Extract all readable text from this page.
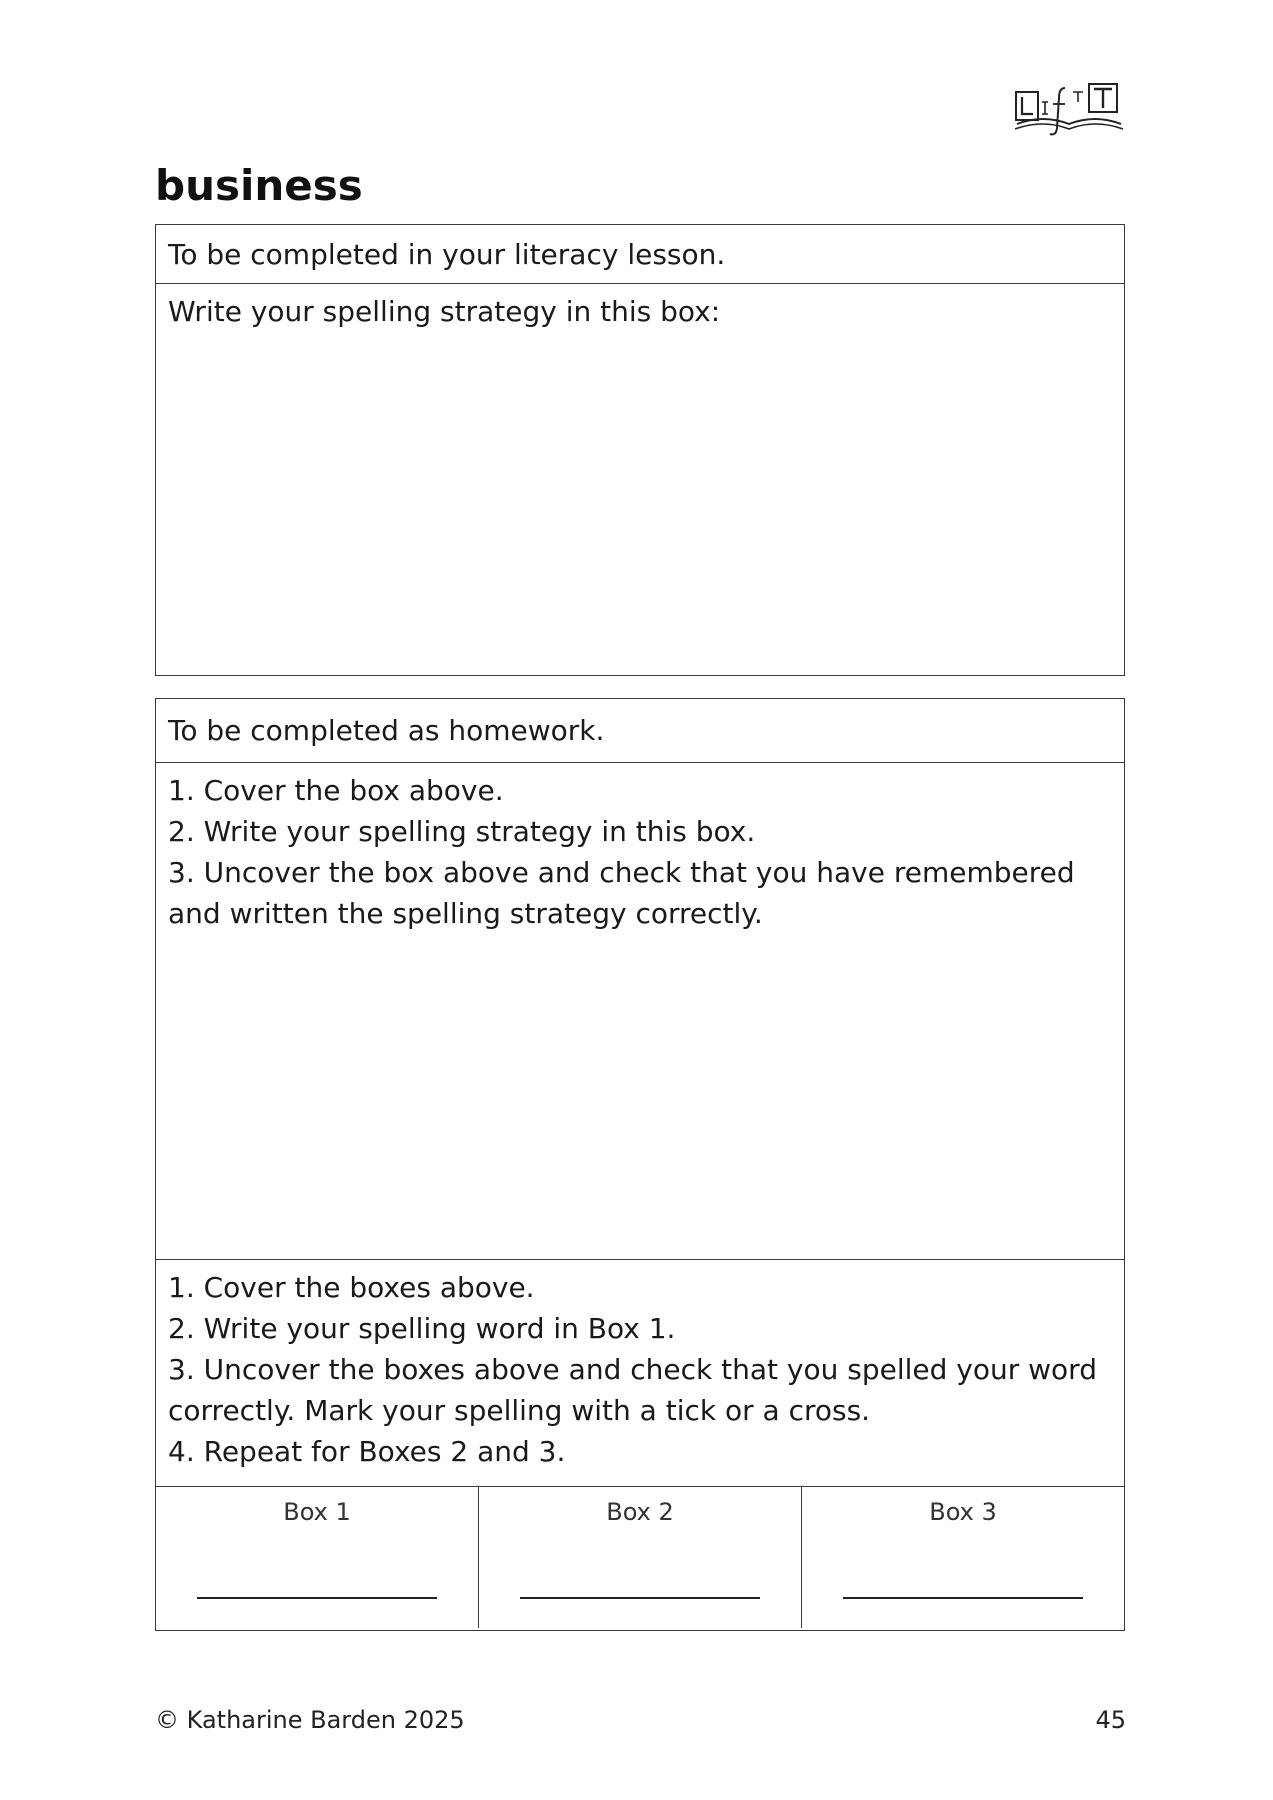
business
To be completed in your literacy lesson.
Write your spelling strategy in this box:
To be completed as homework.
1. Cover the box above.
2. Write your spelling strategy in this box.
3. Uncover the box above and check that you have remembered and written the spelling strategy correctly.
1. Cover the boxes above.
2. Write your spelling word in Box 1.
3. Uncover the boxes above and check that you spelled your word correctly. Mark your spelling with a tick or a cross.
4. Repeat for Boxes 2 and 3.
Box 1	Box 2	Box 3
© Katharine Barden 2025	45
